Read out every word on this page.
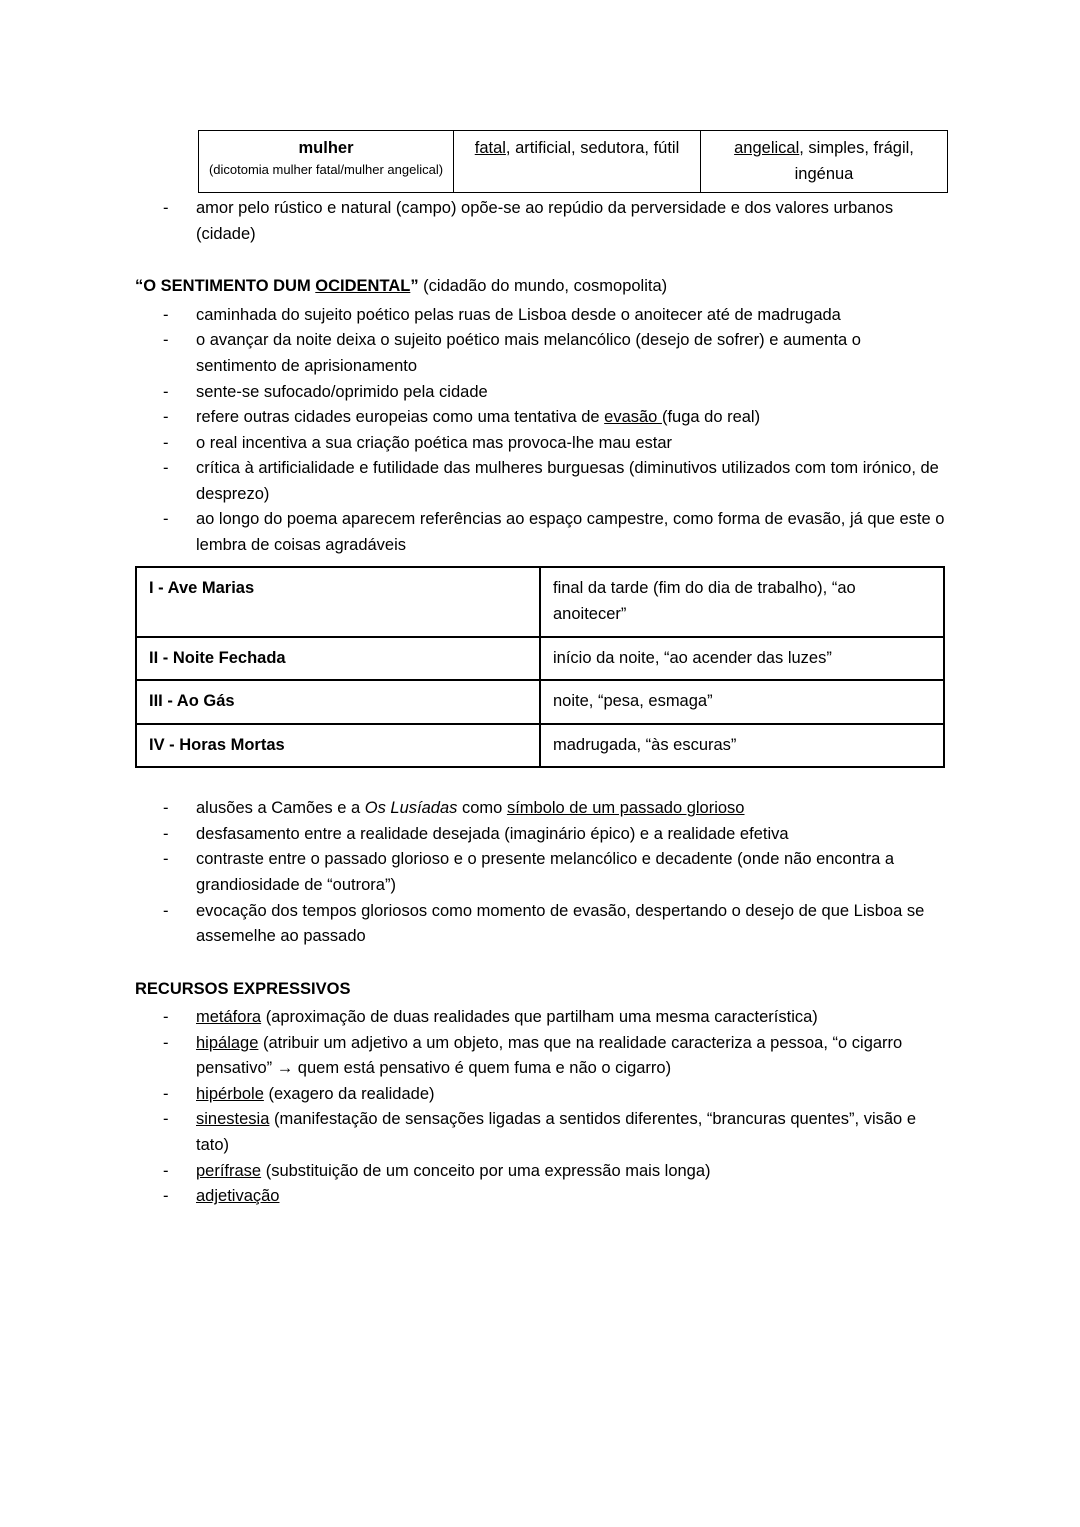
mulher
(dicotomia mulher fatal/mulher angelical)
	fatal, artificial, sedutora, fútil	angelical, simples, frágil, ingénua
-	amor pelo rústico e natural (campo) opõe-se ao repúdio da perversidade e dos valores urbanos (cidade)
“O SENTIMENTO DUM OCIDENTAL” (cidadão do mundo, cosmopolita)
-	caminhada do sujeito poético pelas ruas de Lisboa desde o anoitecer até de madrugada
-	o avançar da noite deixa o sujeito poético mais melancólico (desejo de sofrer) e aumenta o sentimento de aprisionamento
-	sente-se sufocado/oprimido pela cidade
-	refere outras cidades europeias como uma tentativa de evasão (fuga do real)
-	o real incentiva a sua criação poética mas provoca-lhe mau estar
-	crítica à artificialidade e futilidade das mulheres burguesas (diminutivos utilizados com tom irónico, de desprezo)
-	ao longo do poema aparecem referências ao espaço campestre, como forma de evasão, já que este o lembra de coisas agradáveis
I - Ave Marias	final da tarde (fim do dia de trabalho), “ao anoitecer”
II - Noite Fechada	início da noite, “ao acender das luzes”
III - Ao Gás	noite, “pesa, esmaga”
IV - Horas Mortas	madrugada, “às escuras”
-	alusões a Camões e a Os Lusíadas como símbolo de um passado glorioso
-	desfasamento entre a realidade desejada (imaginário épico) e a realidade efetiva
-	contraste entre o passado glorioso e o presente melancólico e decadente (onde não encontra a grandiosidade de “outrora”)
-	evocação dos tempos gloriosos como momento de evasão, despertando o desejo de que Lisboa se assemelhe ao passado
RECURSOS EXPRESSIVOS
-	metáfora (aproximação de duas realidades que partilham uma mesma característica)
-	hipálage (atribuir um adjetivo a um objeto, mas que na realidade caracteriza a pessoa, “o cigarro pensativo” → quem está pensativo é quem fuma e não o cigarro)
-	hipérbole (exagero da realidade)
-	sinestesia (manifestação de sensações ligadas a sentidos diferentes, “brancuras quentes”, visão e tato)
-	perífrase (substituição de um conceito por uma expressão mais longa)
-	adjetivação
